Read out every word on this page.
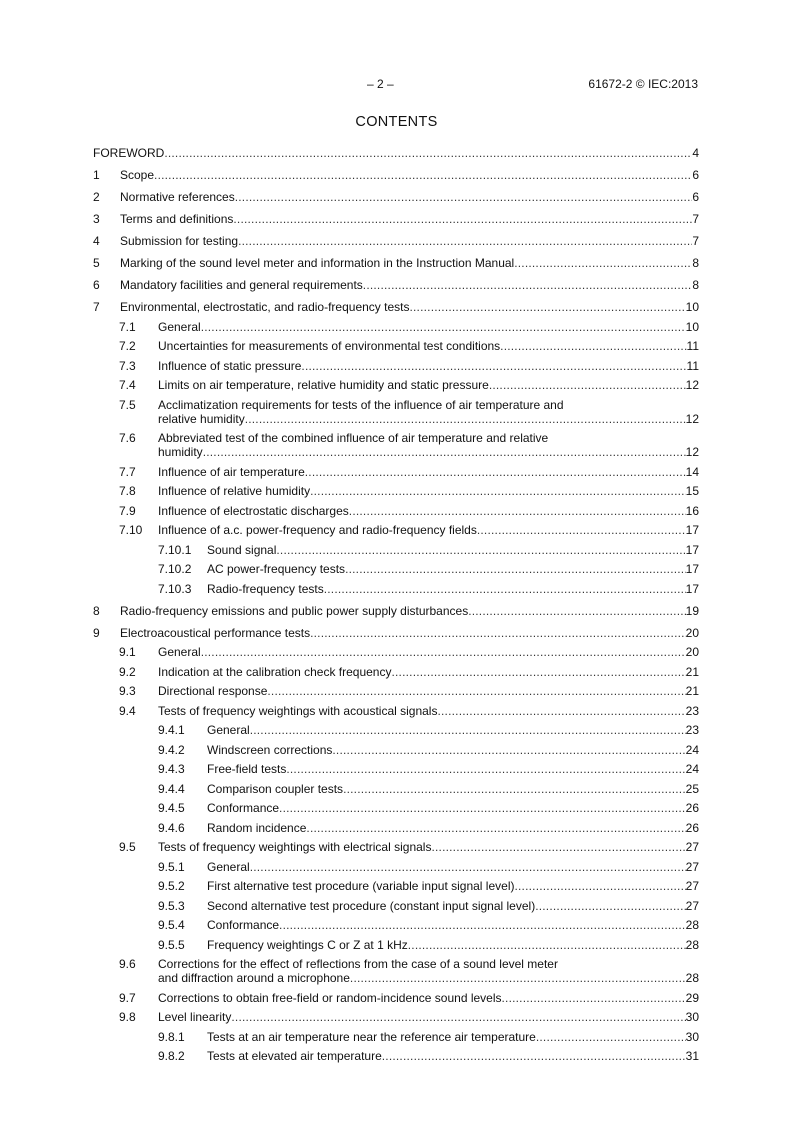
– 2 –	61672-2 © IEC:2013
CONTENTS
FOREWORD .....	4
1	Scope .....	6
2	Normative references .....	6
3	Terms and definitions .....	7
4	Submission for testing .....	7
5	Marking of the sound level meter and information in the Instruction Manual .....	8
6	Mandatory facilities and general requirements .....	8
7	Environmental, electrostatic, and radio-frequency tests .....	10
7.1	General .....	10
7.2	Uncertainties for measurements of environmental test conditions .....	11
7.3	Influence of static pressure .....	11
7.4	Limits on air temperature, relative humidity and static pressure .....	12
7.5	Acclimatization requirements for tests of the influence of air temperature and
relative humidity .....	12
7.6	Abbreviated test of the combined influence of air temperature and relative
humidity .....	12
7.7	Influence of air temperature .....	14
7.8	Influence of relative humidity .....	15
7.9	Influence of electrostatic discharges .....	16
7.10	Influence of a.c. power-frequency and radio-frequency fields .....	17
7.10.1	Sound signal .....	17
7.10.2	AC power-frequency tests .....	17
7.10.3	Radio-frequency tests .....	17
8	Radio-frequency emissions and public power supply disturbances .....	19
9	Electroacoustical performance tests .....	20
9.1	General .....	20
9.2	Indication at the calibration check frequency .....	21
9.3	Directional response .....	21
9.4	Tests of frequency weightings with acoustical signals .....	23
9.4.1	General .....	23
9.4.2	Windscreen corrections .....	24
9.4.3	Free-field tests .....	24
9.4.4	Comparison coupler tests .....	25
9.4.5	Conformance .....	26
9.4.6	Random incidence .....	26
9.5	Tests of frequency weightings with electrical signals .....	27
9.5.1	General .....	27
9.5.2	First alternative test procedure (variable input signal level) .....	27
9.5.3	Second alternative test procedure (constant input signal level) .....	27
9.5.4	Conformance .....	28
9.5.5	Frequency weightings C or Z at 1 kHz .....	28
9.6	Corrections for the effect of reflections from the case of a sound level meter
and diffraction around a microphone .....	28
9.7	Corrections to obtain free-field or random-incidence sound levels .....	29
9.8	Level linearity .....	30
9.8.1	Tests at an air temperature near the reference air temperature .....	30
9.8.2	Tests at elevated air temperature .....	31
